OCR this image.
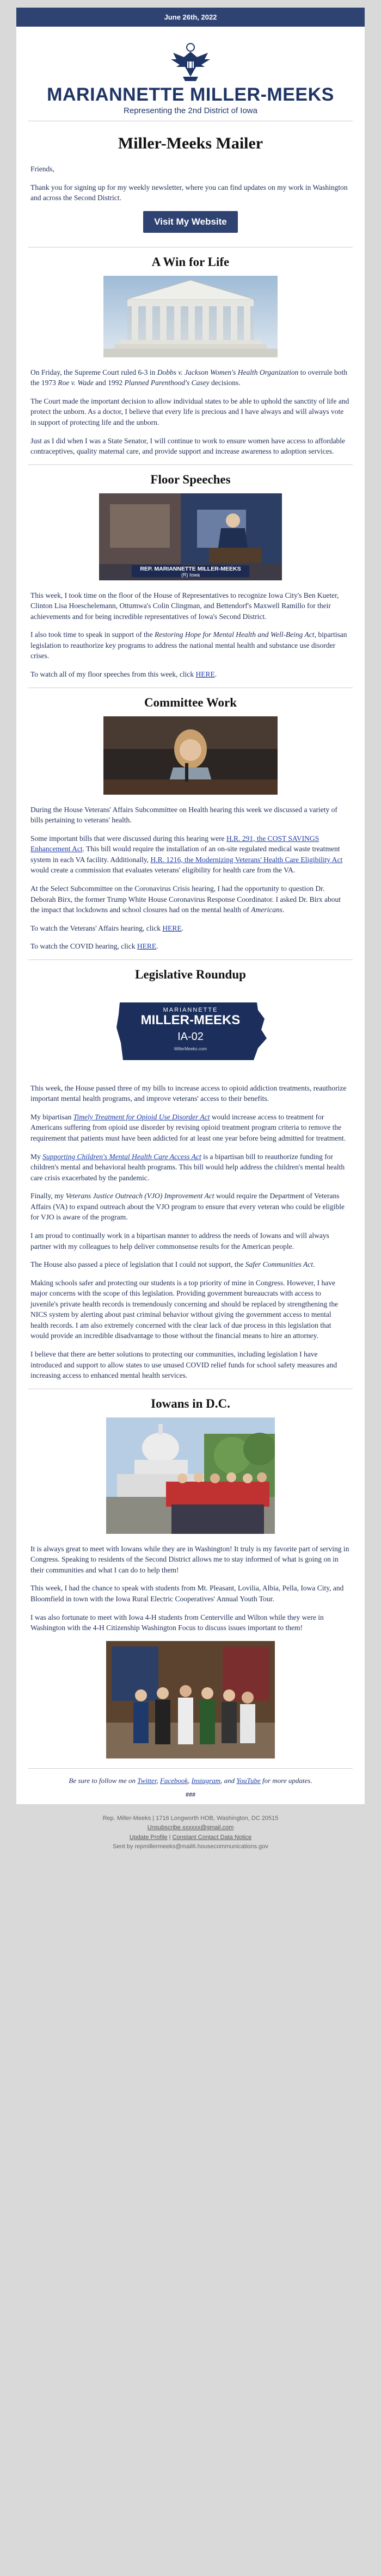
June 26th, 2022
MARIANNETTE MILLER-MEEKS
Representing the 2nd District of Iowa
Miller-Meeks Mailer

Friends,

Thank you for signing up for my weekly newsletter, where you can find updates on my work in Washington and across the Second District.

Visit My Website
A Win for Life

On Friday, the Supreme Court ruled 6-3 in Dobbs v. Jackson Women's Health Organization to overrule both the 1973 Roe v. Wade and 1992 Planned Parenthood's Casey decisions.

The Court made the important decision to allow individual states to be able to uphold the sanctity of life and protect the unborn. As a doctor, I believe that every life is precious and I have always and will always vote in support of protecting life and the unborn.

Just as I did when I was a State Senator, I will continue to work to ensure women have access to affordable contraceptives, quality maternal care, and provide support and increase awareness to adoption services.

Floor Speeches
REP. MARIANNETTE MILLER-MEEKS
(R) Iowa

This week, I took time on the floor of the House of Representatives to recognize Iowa City's Ben Kueter, Clinton Lisa Hoeschelemann, Ottumwa's Colin Clingman, and Bettendorf's Maxwell Ramillo for their achievements and for being incredible representatives of Iowa's Second District.

I also took time to speak in support of the Restoring Hope for Mental Health and Well-Being Act, bipartisan legislation to reauthorize key programs to address the national mental health and substance use disorder crises.

To watch all of my floor speeches from this week, click HERE.

Committee Work

During the House Veterans' Affairs Subcommittee on Health hearing this week we discussed a variety of bills pertaining to veterans' health.

Some important bills that were discussed during this hearing were H.R. 291, the COST SAVINGS Enhancement Act. This bill would require the installation of an on-site regulated medical waste treatment system in each VA facility. Additionally, H.R. 1216, the Modernizing Veterans' Health Care Eligibility Act would create a commission that evaluates veterans' eligibility for health care from the VA.

At the Select Subcommittee on the Coronavirus Crisis hearing, I had the opportunity to question Dr. Deborah Birx, the former Trump White House Coronavirus Response Coordinator. I asked Dr. Birx about the impact that lockdowns and school closures had on the mental health of Americans.

To watch the Veterans' Affairs hearing, click HERE.

To watch the COVID hearing, click HERE.

Legislative Roundup
MARIANNETTE
MILLER-MEEKS
IA-02
MillerMeeks.com

This week, the House passed three of my bills to increase access to opioid addiction treatments, reauthorize important mental health programs, and improve veterans' access to their benefits.

My bipartisan Timely Treatment for Opioid Use Disorder Act would increase access to treatment for Americans suffering from opioid use disorder by revising opioid treatment program criteria to remove the requirement that patients must have been addicted for at least one year before being admitted for treatment.

My Supporting Children's Mental Health Care Access Act is a bipartisan bill to reauthorize funding for children's mental and behavioral health programs. This bill would help address the children's mental health care crisis exacerbated by the pandemic.

Finally, my Veterans Justice Outreach (VJO) Improvement Act would require the Department of Veterans Affairs (VA) to expand outreach about the VJO program to ensure that every veteran who could be eligible for VJO is aware of the program.

I am proud to continually work in a bipartisan manner to address the needs of Iowans and will always partner with my colleagues to help deliver commonsense results for the American people.

The House also passed a piece of legislation that I could not support, the Safer Communities Act.

Making schools safer and protecting our students is a top priority of mine in Congress. However, I have major concerns with the scope of this legislation. Providing government bureaucrats with access to juvenile's private health records is tremendously concerning and should be replaced by strengthening the NICS system by alerting about past criminal behavior without giving the government access to mental health records. I am also extremely concerned with the clear lack of due process in this legislation that would provide an incredible disadvantage to those without the financial means to hire an attorney.

I believe that there are better solutions to protecting our communities, including legislation I have introduced and support to allow states to use unused COVID relief funds for school safety measures and increasing access to enhanced mental health services.

Iowans in D.C.

It is always great to meet with Iowans while they are in Washington! It truly is my favorite part of serving in Congress. Speaking to residents of the Second District allows me to stay informed of what is going on in their communities and what I can do to help them!

This week, I had the chance to speak with students from Mt. Pleasant, Lovilia, Albia, Pella, Iowa City, and Bloomfield in town with the Iowa Rural Electric Cooperatives' Annual Youth Tour.

I was also fortunate to meet with Iowa 4-H students from Centerville and Wilton while they were in Washington with the 4-H Citizenship Washington Focus to discuss issues important to them!

Be sure to follow me on Twitter, Facebook, Instagram, and YouTube for more updates.
###
Rep. Miller-Meeks | 1716 Longworth HOB, Washington, DC 20515
Unsubscribe xxxxxx@gmail.com
Update Profile | Constant Contact Data Notice
Sent by repmillermeeks@mail6.housecommunications.gov
